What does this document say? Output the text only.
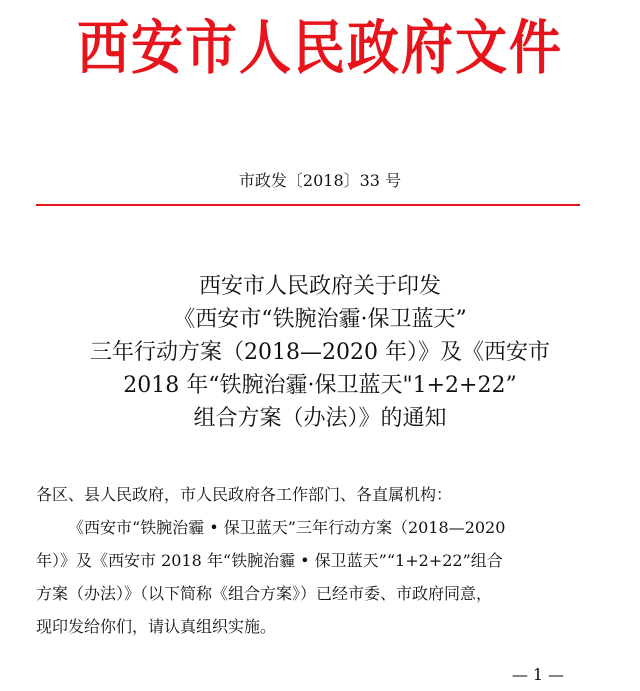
西安市人民政府文件
市政发〔2018〕33 号
西安市人民政府关于印发
《西安市“铁腕治霾·保卫蓝天”
三年行动方案（2018—2020 年）》及《西安市
2018 年“铁腕治霾·保卫蓝天"1+2+22”
组合方案（办法）》的通知

各区、县人民政府，市人民政府各工作部门、各直属机构：

《西安市“铁腕治霾 • 保卫蓝天”三年行动方案（2018—2020

年）》及《西安市 2018 年“铁腕治霾 • 保卫蓝天”“1+2+22”组合

方案（办法）》（以下简称《组合方案》）已经市委、市政府同意，

现印发给你们，请认真组织实施。

— 1 —
